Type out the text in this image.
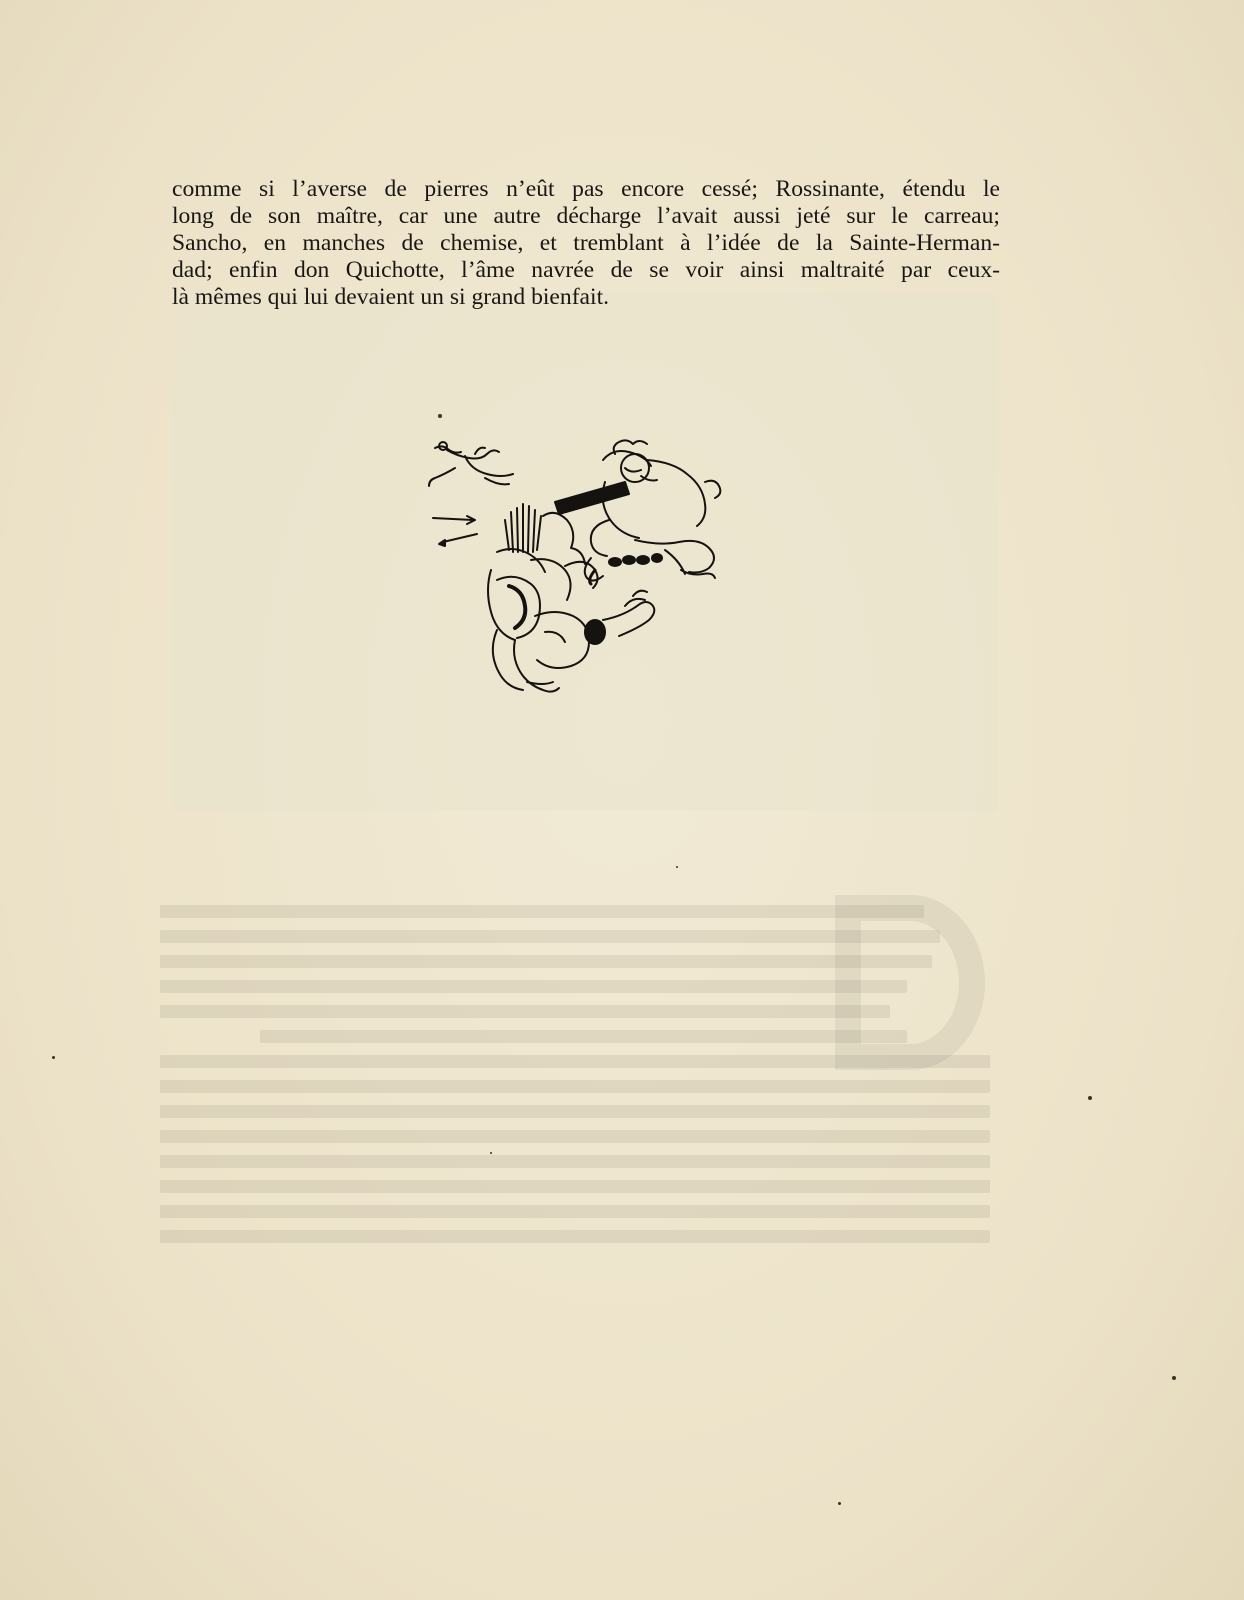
comme si l’averse de pierres n’eût pas encore cessé; Rossinante, étendu le
long de son maître, car une autre décharge l’avait aussi jeté sur le carreau;
Sancho, en manches de chemise, et tremblant à l’idée de la Sainte-Herman-
dad; enfin don Quichotte, l’âme navrée de se voir ainsi maltraité par ceux-
là mêmes qui lui devaient un si grand bienfait.
